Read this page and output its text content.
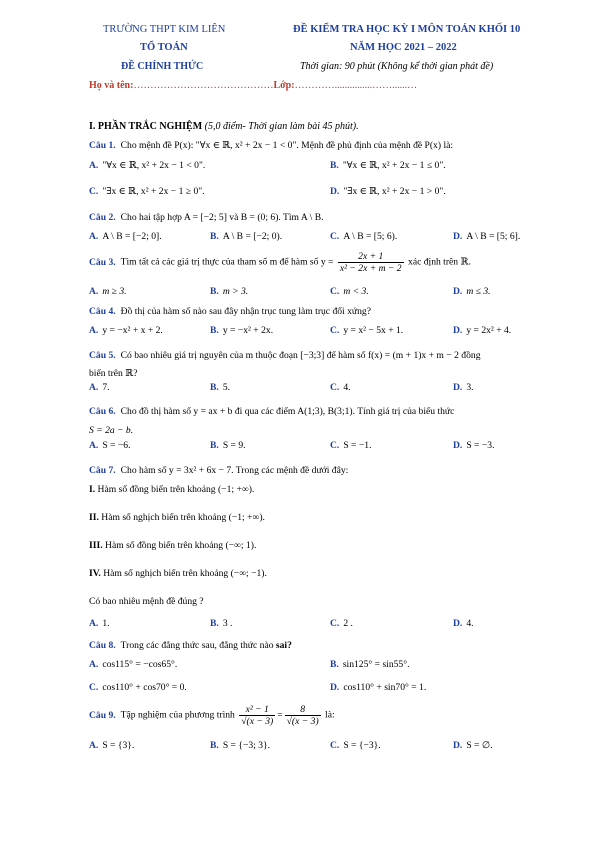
TRƯỜNG THPT KIM LIÊN
TỔ TOÁN
ĐỀ CHÍNH THỨC
ĐỀ KIỂM TRA HỌC KỲ I MÔN TOÁN KHỐI 10
NĂM HỌC 2021 – 2022
Thời gian: 90 phút (Không kể thời gian phát đề)
Họ và tên:……………………………………Lớp:…………...............……......…
I. PHẦN TRẮC NGHIỆM (5,0 điểm- Thời gian làm bài 45 phút).
Câu 1. Cho mệnh đề P(x): "∀x ∈ ℝ, x² + 2x − 1 < 0". Mệnh đề phủ định của mệnh đề P(x) là:
A. "∀x ∈ ℝ, x² + 2x − 1 < 0".	B. "∀x ∈ ℝ, x² + 2x − 1 ≤ 0".
C. "∃x ∈ ℝ, x² + 2x − 1 ≥ 0".	D. "∃x ∈ ℝ, x² + 2x − 1 > 0".
Câu 2. Cho hai tập hợp A = [−2; 5] và B = (0; 6). Tìm A \ B.
A. A \ B = [−2; 0].	B. A \ B = [−2; 0).	C. A \ B = [5; 6).	D. A \ B = [5; 6].
Câu 3. Tìm tất cả các giá trị thực của tham số m để hàm số $y = \frac{2x + 1}{\text{x² − 2x + m − 2}}$ xác định trên ℝ.
A. m ≥ 3.	B. m > 3.	C. m < 3.	D. m ≤ 3.
Câu 4. Đồ thị của hàm số nào sau đây nhận trục tung làm trục đối xứng?
A. y = −x² + x + 2.	B. y = −x² + 2x.	C. y = x² − 5x + 1.	D. y = 2x² + 4.
Câu 5. Có bao nhiêu giá trị nguyên của m thuộc đoạn [−3;3] để hàm số f(x) = (m + 1)x + m − 2 đồng
biến trên ℝ?
A. 7.	B. 5.	C. 4.	D. 3.
Câu 6. Cho đồ thị hàm số y = ax + b đi qua các điểm A(1;3), B(3;1). Tính giá trị của biểu thức
S = 2a − b.
A. S = −6.	B. S = 9.	C. S = −1.	D. S = −3.
Câu 7. Cho hàm số y = 3x² + 6x − 7. Trong các mệnh đề dưới đây:
I. Hàm số đồng biến trên khoảng (−1; +∞).
II. Hàm số nghịch biến trên khoảng (−1; +∞).
III. Hàm số đồng biến trên khoảng (−∞; 1).
IV. Hàm số nghịch biến trên khoảng (−∞; −1).
Có bao nhiêu mệnh đề đúng ?
A. 1.	B. 3 .	C. 2 .	D. 4.
Câu 8. Trong các đẳng thức sau, đẳng thức nào sai?
A. cos115° = −cos65°.	B. sin125° = sin55°.
C. cos110° + cos70° = 0.	D. cos110° + sin70° = 1.
Câu 9. Tập nghiệm của phương trình $\frac{\text{x² − 1}}{√(x - 3)} = \frac{8}{√(x - 3)}$ là:
A. S = {3}.	B. S = {−3; 3}.	C. S = {−3}.	D. S = ∅.
